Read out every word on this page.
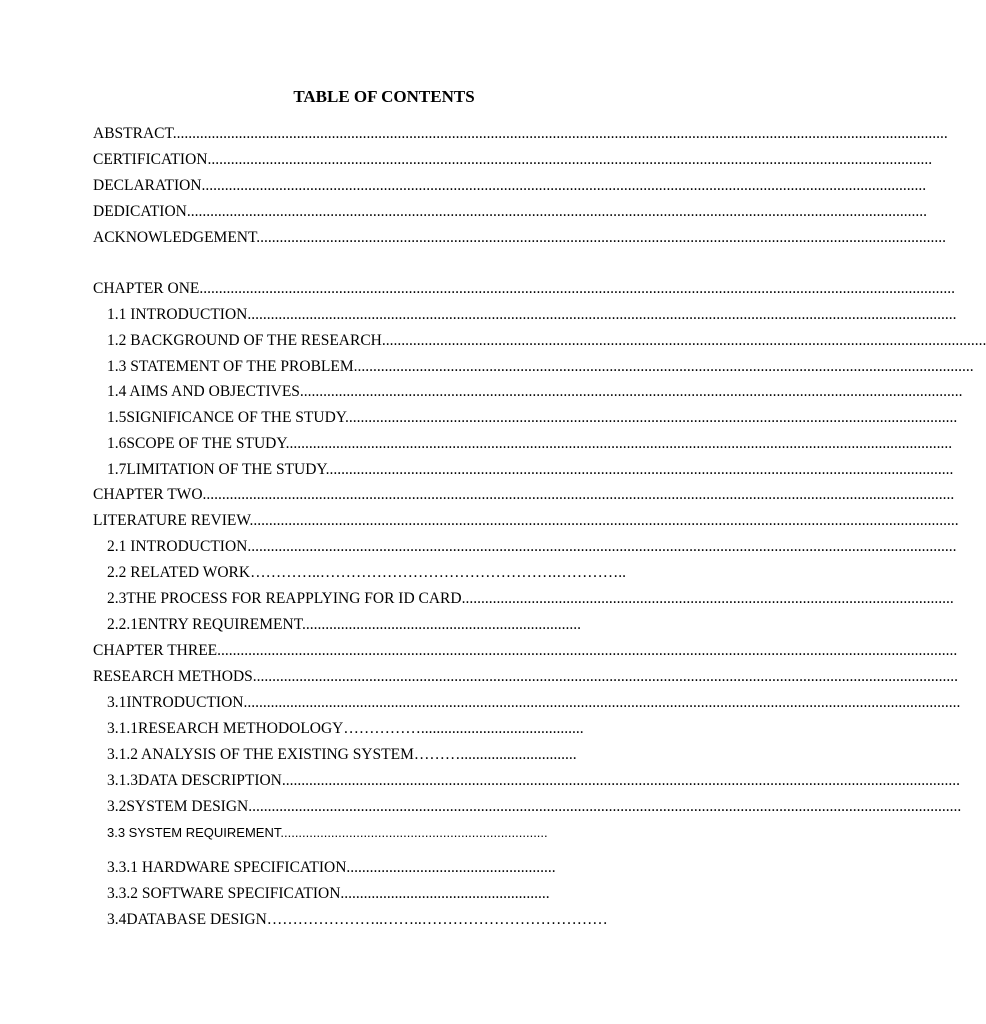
TABLE OF CONTENTS
ABSTRACT........................................................................................................................................................................................................
CERTIFICATION...........................................................................................................................................................................................
DECLARATION...........................................................................................................................................................................................
DEDICATION...............................................................................................................................................................................................
ACKNOWLEDGEMENT..................................................................................................................................................................................
CHAPTER ONE...................................................................................................................................................................................................
1.1 INTRODUCTION.......................................................................................................................................................................................
1.2 BACKGROUND OF THE RESEARCH............................................................................................................................................................
1.3 STATEMENT OF THE PROBLEM................................................................................................................................................................
1.4 AIMS AND OBJECTIVES...........................................................................................................................................................................
1.5SIGNIFICANCE OF THE STUDY..............................................................................................................................................................
1.6SCOPE OF THE STUDY............................................................................................................................................................................
1.7LIMITATION OF THE STUDY..................................................................................................................................................................
CHAPTER TWO..................................................................................................................................................................................................
LITERATURE REVIEW.......................................................................................................................................................................................
2.1 INTRODUCTION.......................................................................................................................................................................................
2.2 RELATED WORK…………..……………………………………….…………..
2.3THE PROCESS FOR REAPPLYING FOR ID CARD...............................................................................................................................
2.2.1ENTRY REQUIREMENT........................................................................
CHAPTER THREE...............................................................................................................................................................................................
RESEARCH METHODS......................................................................................................................................................................................
3.1INTRODUCTION.........................................................................................................................................................................................
3.1.1RESEARCH METHODOLOGY……………..........................................
3.1.2 ANALYSIS OF THE EXISTING SYSTEM………..............................
3.1.3DATA DESCRIPTION...............................................................................................................................................................................
3.2SYSTEM DESIGN........................................................................................................................................................................................
3.3 SYSTEM REQUIREMENT..........................................................................
3.3.1 HARDWARE SPECIFICATION......................................................
3.3.2 SOFTWARE SPECIFICATION......................................................
3.4DATABASE DESIGN…………………..……..………………………………
